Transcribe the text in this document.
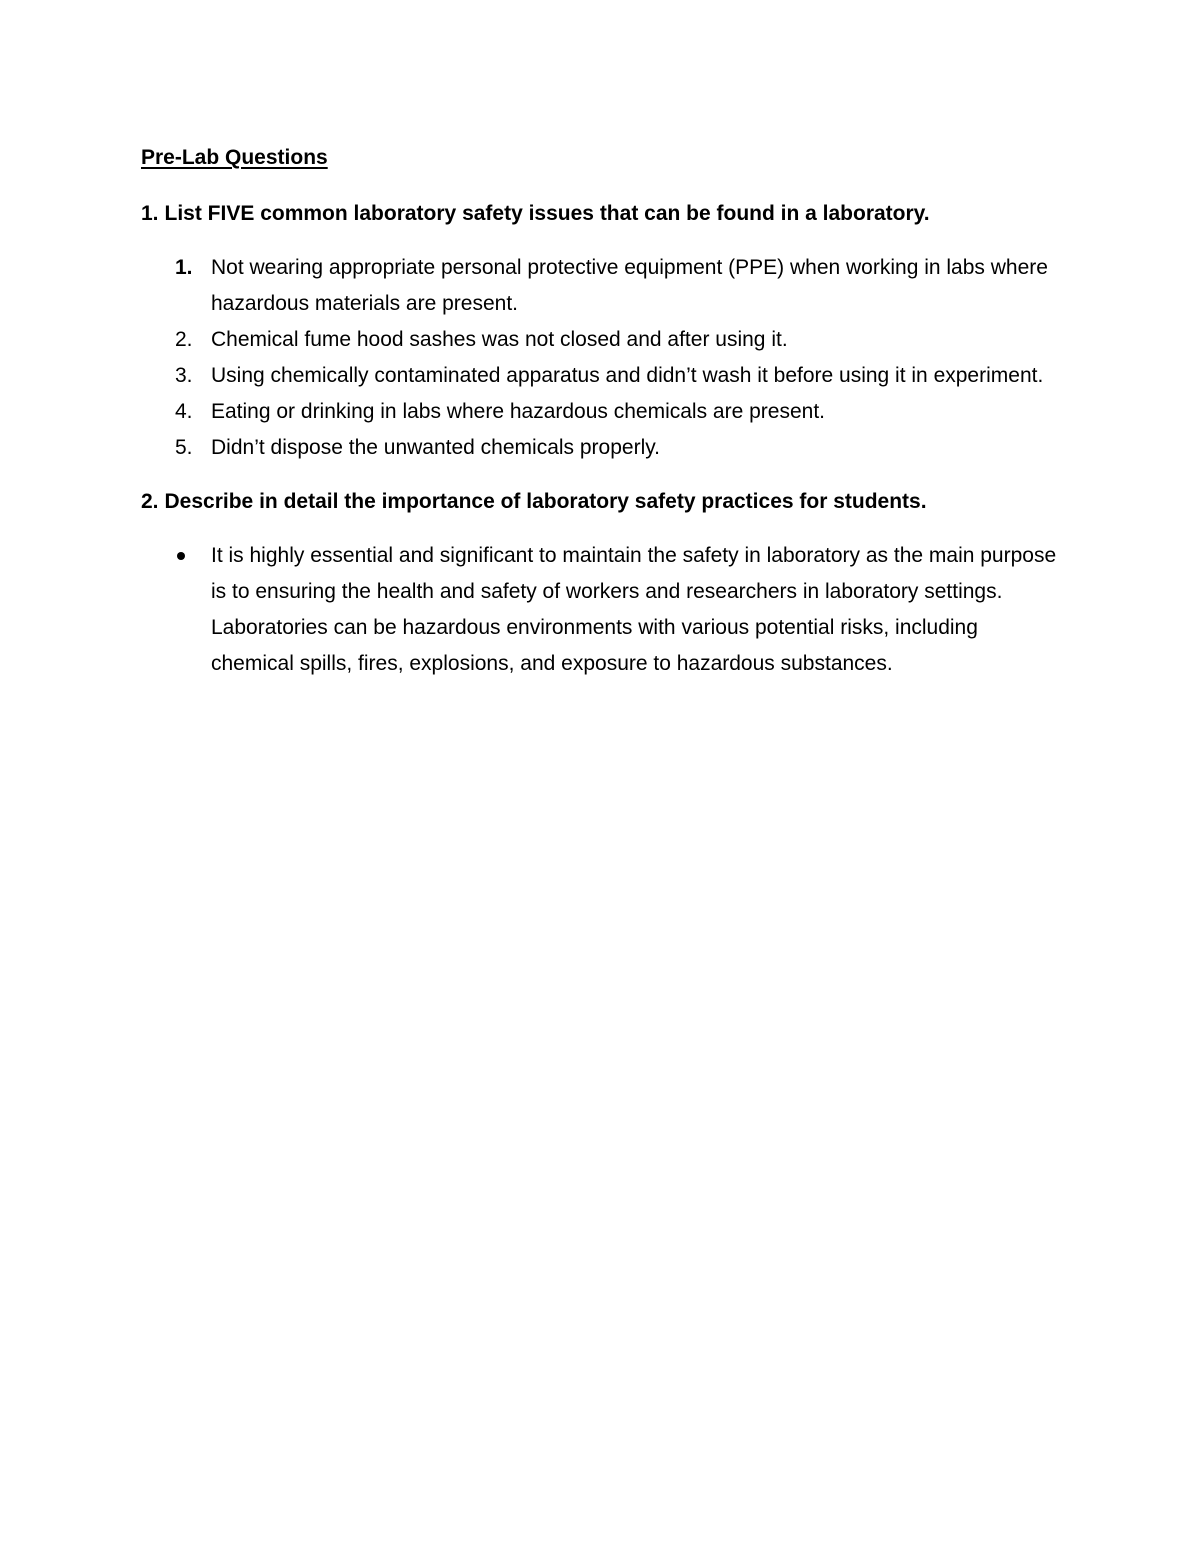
Pre-Lab Questions

1. List FIVE common laboratory safety issues that can be found in a laboratory.

1. Not wearing appropriate personal protective equipment (PPE) when working in labs where hazardous materials are present.
2. Chemical fume hood sashes was not closed and after using it.
3. Using chemically contaminated apparatus and didn’t wash it before using it in experiment.
4. Eating or drinking in labs where hazardous chemicals are present.
5. Didn’t dispose the unwanted chemicals properly.

2. Describe in detail the importance of laboratory safety practices for students.

It is highly essential and significant to maintain the safety in laboratory as the main purpose is to ensuring the health and safety of workers and researchers in laboratory settings. Laboratories can be hazardous environments with various potential risks, including chemical spills, fires, explosions, and exposure to hazardous substances.
